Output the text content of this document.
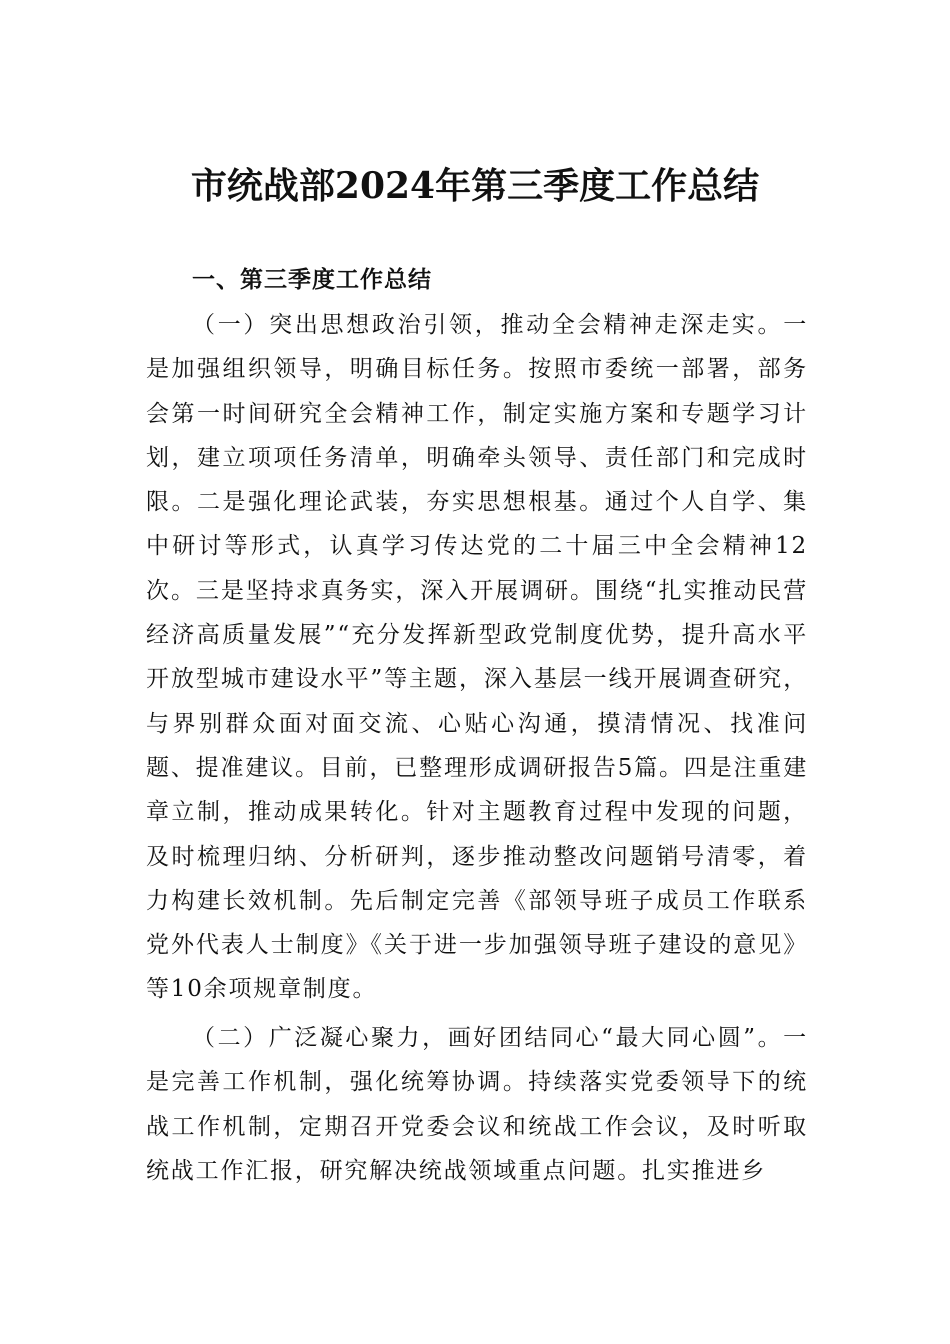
市统战部2024年第三季度工作总结
一、第三季度工作总结

（一）突出思想政治引领，推动全会精神走深走实。一是加强组织领导，明确目标任务。按照市委统一部署，部务会第一时间研究全会精神工作，制定实施方案和专题学习计划，建立项项任务清单，明确牵头领导、责任部门和完成时限。二是强化理论武装，夯实思想根基。通过个人自学、集中研讨等形式，认真学习传达党的二十届三中全会精神12次。三是坚持求真务实，深入开展调研。围绕“扎实推动民营经济高质量发展”“充分发挥新型政党制度优势，提升高水平开放型城市建设水平”等主题，深入基层一线开展调查研究，与界别群众面对面交流、心贴心沟通，摸清情况、找准问题、提准建议。目前，已整理形成调研报告5篇。四是注重建章立制，推动成果转化。针对主题教育过程中发现的问题，及时梳理归纳、分析研判，逐步推动整改问题销号清零，着力构建长效机制。先后制定完善《部领导班子成员工作联系党外代表人士制度》《关于进一步加强领导班子建设的意见》等10余项规章制度。

（二）广泛凝心聚力，画好团结同心“最大同心圆”。一是完善工作机制，强化统筹协调。持续落实党委领导下的统战工作机制，定期召开党委会议和统战工作会议，及时听取统战工作汇报，研究解决统战领域重点问题。扎实推进乡
